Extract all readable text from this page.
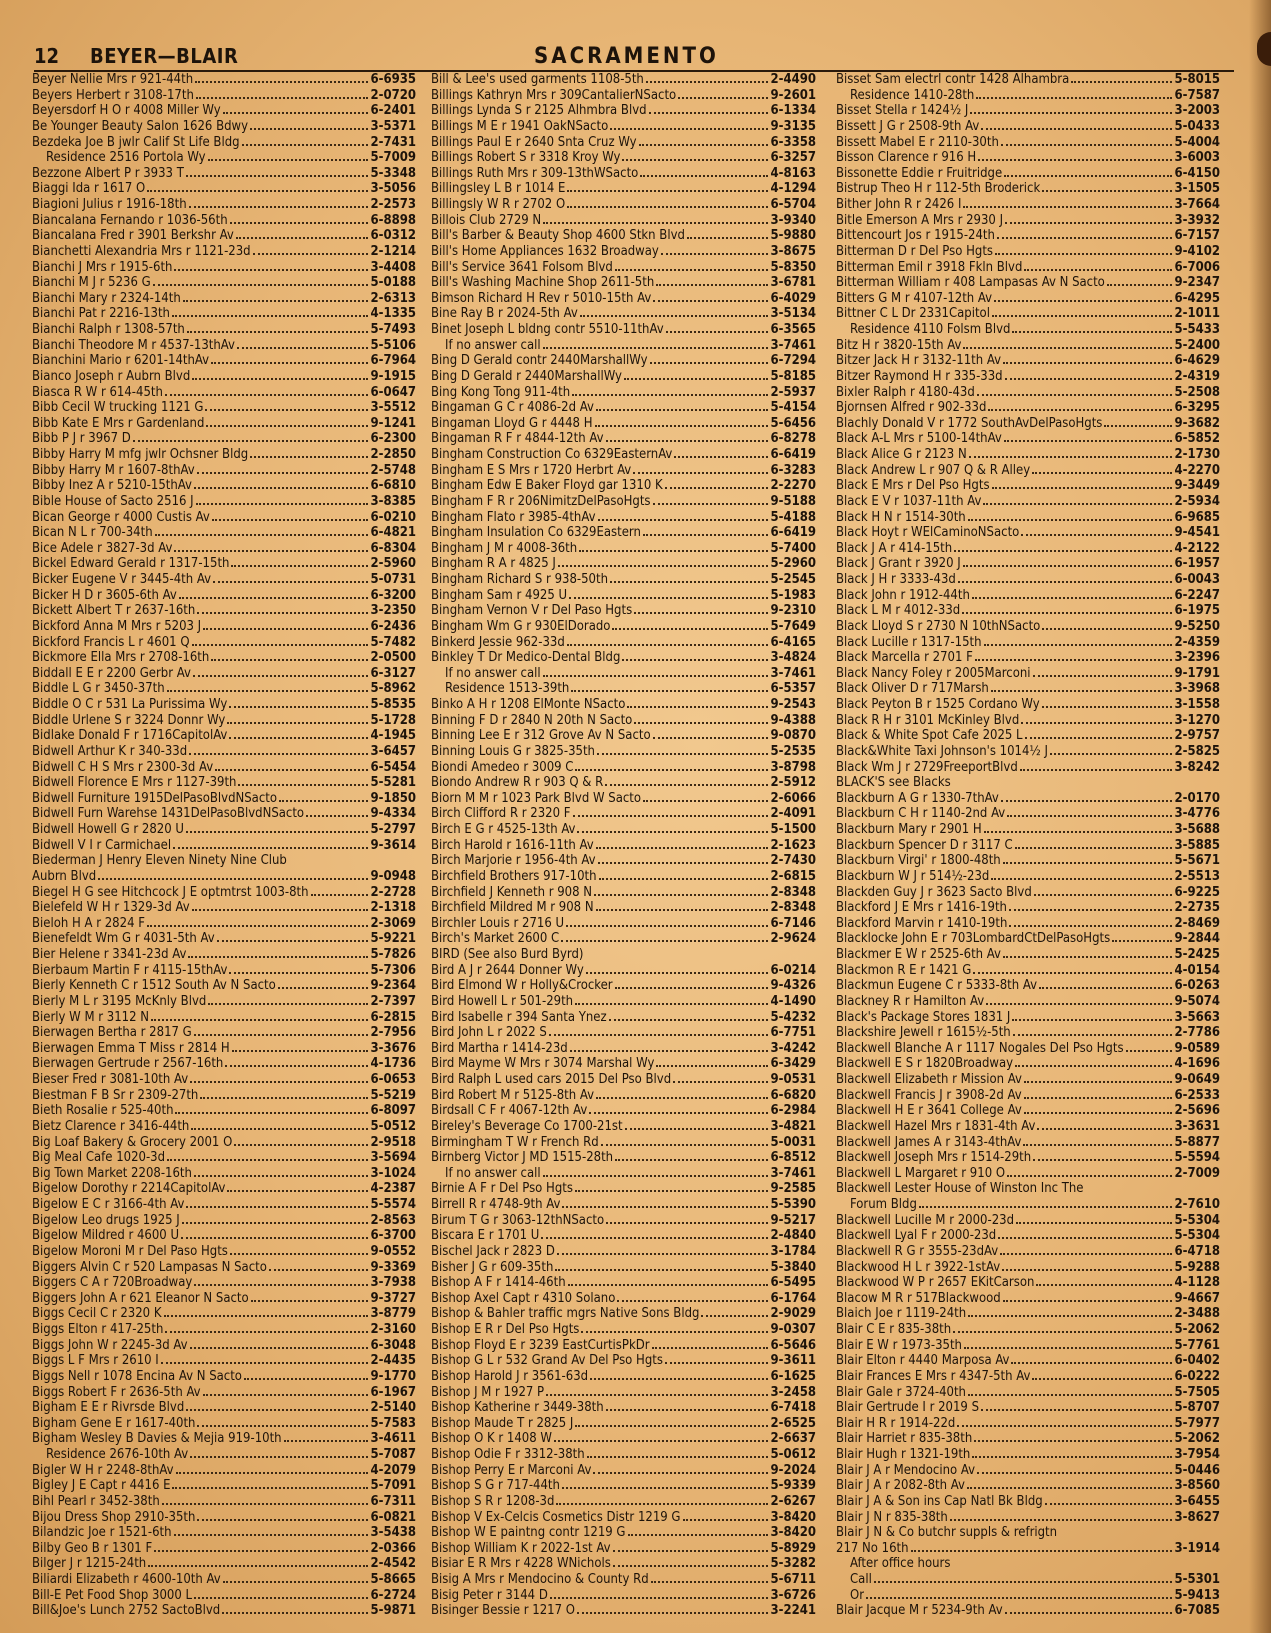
12 BEYER—BLAIR	SACRAMENTO
Beyer Nellie Mrs r 921-44th	6-6935
Beyers Herbert r 3108-17th	2-0720
Beyersdorf H O r 4008 Miller Wy	6-2401
Be Younger Beauty Salon 1626 Bdwy	3-5371
Bezdeka Joe B jwlr Calif St Life Bldg	2-7431
Residence 2516 Portola Wy	5-7009
Bezzone Albert P r 3933 T	5-3348
Biaggi Ida r 1617 O	3-5056
Biagioni Julius r 1916-18th	2-2573
Biancalana Fernando r 1036-56th	6-8898
Biancalana Fred r 3901 Berkshr Av	6-0312
Bianchetti Alexandria Mrs r 1121-23d	2-1214
Bianchi J Mrs r 1915-6th	3-4408
Bianchi M J r 5236 G	5-0188
Bianchi Mary r 2324-14th	2-6313
Bianchi Pat r 2216-13th	4-1335
Bianchi Ralph r 1308-57th	5-7493
Bianchi Theodore M r 4537-13thAv	5-5106
Bianchini Mario r 6201-14thAv	6-7964
Bianco Joseph r Aubrn Blvd	9-1915
Biasca R W r 614-45th	6-0647
Bibb Cecil W trucking 1121 G	3-5512
Bibb Kate E Mrs r Gardenland	9-1241
Bibb P J r 3967 D	6-2300
Bibby Harry M mfg jwlr Ochsner Bldg	2-2850
Bibby Harry M r 1607-8thAv	2-5748
Bibby Inez A r 5210-15thAv	6-6810
Bible House of Sacto 2516 J	3-8385
Bican George r 4000 Custis Av	6-0210
Bican N L r 700-34th	6-4821
Bice Adele r 3827-3d Av	6-8304
Bickel Edward Gerald r 1317-15th	2-5960
Bicker Eugene V r 3445-4th Av	5-0731
Bicker H D r 3605-6th Av	6-3200
Bickett Albert T r 2637-16th	3-2350
Bickford Anna M Mrs r 5203 J	6-2436
Bickford Francis L r 4601 Q	5-7482
Bickmore Ella Mrs r 2708-16th	2-0500
Biddall E E r 2200 Gerbr Av	6-3127
Biddle L G r 3450-37th	5-8962
Biddle O C r 531 La Purissima Wy	5-8535
Biddle Urlene S r 3224 Donnr Wy	5-1728
Bidlake Donald F r 1716CapitolAv	4-1945
Bidwell Arthur K r 340-33d	3-6457
Bidwell C H S Mrs r 2300-3d Av	6-5454
Bidwell Florence E Mrs r 1127-39th	5-5281
Bidwell Furniture 1915DelPasoBlvdNSacto	9-1850
Bidwell Furn Warehse 1431DelPasoBlvdNSacto	9-4334
Bidwell Howell G r 2820 U	5-2797
Bidwell V I r Carmichael	9-3614
Biederman J Henry Eleven Ninety Nine Club
Aubrn Blvd	9-0948
Biegel H G see Hitchcock J E optmtrst 1003-8th	2-2728
Bielefeld W H r 1329-3d Av	2-1318
Bieloh H A r 2824 F	2-3069
Bienefeldt Wm G r 4031-5th Av	5-9221
Bier Helene r 3341-23d Av	5-7826
Bierbaum Martin F r 4115-15thAv	5-7306
Bierly Kenneth C r 1512 South Av N Sacto	9-2364
Bierly M L r 3195 McKnly Blvd	2-7397
Bierly W M r 3112 N	6-2815
Bierwagen Bertha r 2817 G	2-7956
Bierwagen Emma T Miss r 2814 H	3-3676
Bierwagen Gertrude r 2567-16th	4-1736
Bieser Fred r 3081-10th Av	6-0653
Biestman F B Sr r 2309-27th	5-5219
Bieth Rosalie r 525-40th	6-8097
Bietz Clarence r 3416-44th	5-0512
Big Loaf Bakery & Grocery 2001 O	2-9518
Big Meal Cafe 1020-3d	3-5694
Big Town Market 2208-16th	3-1024
Bigelow Dorothy r 2214CapitolAv	4-2387
Bigelow E C r 3166-4th Av	5-5574
Bigelow Leo drugs 1925 J	2-8563
Bigelow Mildred r 4600 U	6-3700
Bigelow Moroni M r Del Paso Hgts	9-0552
Biggers Alvin C r 520 Lampasas N Sacto	9-3369
Biggers C A r 720Broadway	3-7938
Biggers John A r 621 Eleanor N Sacto	9-3727
Biggs Cecil C r 2320 K	3-8779
Biggs Elton r 417-25th	2-3160
Biggs John W r 2245-3d Av	6-3048
Biggs L F Mrs r 2610 I	2-4435
Biggs Nell r 1078 Encina Av N Sacto	9-1770
Biggs Robert F r 2636-5th Av	6-1967
Bigham E E r Rivrsde Blvd	2-5140
Bigham Gene E r 1617-40th	5-7583
Bigham Wesley B Davies & Mejia 919-10th	3-4611
Residence 2676-10th Av	5-7087
Bigler W H r 2248-8thAv	4-2079
Bigley J E Capt r 4416 E	5-7091
Bihl Pearl r 3452-38th	6-7311
Bijou Dress Shop 2910-35th	6-0821
Bilandzic Joe r 1521-6th	3-5438
Bilby Geo B r 1301 F	2-0366
Bilger J r 1215-24th	2-4542
Biliardi Elizabeth r 4600-10th Av	5-8665
Bill-E Pet Food Shop 3000 L	6-2724
Bill&Joe's Lunch 2752 SactoBlvd	5-9871
Bill & Lee's used garments 1108-5th	2-4490
Billings Kathryn Mrs r 309CantalierNSacto	9-2601
Billings Lynda S r 2125 Alhmbra Blvd	6-1334
Billings M E r 1941 OakNSacto	9-3135
Billings Paul E r 2640 Snta Cruz Wy	6-3358
Billings Robert S r 3318 Kroy Wy	6-3257
Billings Ruth Mrs r 309-13thWSacto	4-8163
Billingsley L B r 1014 E	4-1294
Billingsly W R r 2702 O	6-5704
Billois Club 2729 N	3-9340
Bill's Barber & Beauty Shop 4600 Stkn Blvd	5-9880
Bill's Home Appliances 1632 Broadway	3-8675
Bill's Service 3641 Folsom Blvd	5-8350
Bill's Washing Machine Shop 2611-5th	3-6781
Bimson Richard H Rev r 5010-15th Av	6-4029
Bine Ray B r 2024-5th Av	3-5134
Binet Joseph L bldng contr 5510-11thAv	6-3565
If no answer call	3-7461
Bing D Gerald contr 2440MarshallWy	6-7294
Bing D Gerald r 2440MarshallWy	5-8185
Bing Kong Tong 911-4th	2-5937
Bingaman G C r 4086-2d Av	5-4154
Bingaman Lloyd G r 4448 H	5-6456
Bingaman R F r 4844-12th Av	6-8278
Bingham Construction Co 6329EasternAv	6-6419
Bingham E S Mrs r 1720 Herbrt Av	6-3283
Bingham Edw E Baker Floyd gar 1310 K	2-2270
Bingham F R r 206NimitzDelPasoHgts	9-5188
Bingham Flato r 3985-4thAv	5-4188
Bingham Insulation Co 6329Eastern	6-6419
Bingham J M r 4008-36th	5-7400
Bingham R A r 4825 J	5-2960
Bingham Richard S r 938-50th	5-2545
Bingham Sam r 4925 U	5-1983
Bingham Vernon V r Del Paso Hgts	9-2310
Bingham Wm G r 930ElDorado	5-7649
Binkerd Jessie 962-33d	6-4165
Binkley T Dr Medico-Dental Bldg	3-4824
If no answer call	3-7461
Residence 1513-39th	6-5357
Binko A H r 1208 ElMonte NSacto	9-2543
Binning F D r 2840 N 20th N Sacto	9-4388
Binning Lee E r 312 Grove Av N Sacto	9-0870
Binning Louis G r 3825-35th	5-2535
Biondi Amedeo r 3009 C	3-8798
Biondo Andrew R r 903 Q & R	2-5912
Biorn M M r 1023 Park Blvd W Sacto	2-6066
Birch Clifford R r 2320 F	2-4091
Birch E G r 4525-13th Av	5-1500
Birch Harold r 1616-11th Av	2-1623
Birch Marjorie r 1956-4th Av	2-7430
Birchfield Brothers 917-10th	2-6815
Birchfield J Kenneth r 908 N	2-8348
Birchfield Mildred M r 908 N	2-8348
Birchler Louis r 2716 U	6-7146
Birch's Market 2600 C	2-9624
BIRD (See also Burd Byrd)
Bird A J r 2644 Donner Wy	6-0214
Bird Elmond W r Holly&Crocker	9-4326
Bird Howell L r 501-29th	4-1490
Bird Isabelle r 394 Santa Ynez	5-4232
Bird John L r 2022 S	6-7751
Bird Martha r 1414-23d	3-4242
Bird Mayme W Mrs r 3074 Marshal Wy	6-3429
Bird Ralph L used cars 2015 Del Pso Blvd	9-0531
Bird Robert M r 5125-8th Av	6-6820
Birdsall C F r 4067-12th Av	6-2984
Bireley's Beverage Co 1700-21st	3-4821
Birmingham T W r French Rd	5-0031
Birnberg Victor J MD 1515-28th	6-8512
If no answer call	3-7461
Birnie A F r Del Pso Hgts	9-2585
Birrell R r 4748-9th Av	5-5390
Birum T G r 3063-12thNSacto	9-5217
Biscara E r 1701 U	2-4840
Bischel Jack r 2823 D	3-1784
Bisher J G r 609-35th	5-3840
Bishop A F r 1414-46th	6-5495
Bishop Axel Capt r 4310 Solano	6-1764
Bishop & Bahler traffic mgrs Native Sons Bldg	2-9029
Bishop E R r Del Pso Hgts	9-0307
Bishop Floyd E r 3239 EastCurtisPkDr	6-5646
Bishop G L r 532 Grand Av Del Pso Hgts	9-3611
Bishop Harold J r 3561-63d	6-1625
Bishop J M r 1927 P	3-2458
Bishop Katherine r 3449-38th	6-7418
Bishop Maude T r 2825 J	2-6525
Bishop O K r 1408 W	2-6637
Bishop Odie F r 3312-38th	5-0612
Bishop Perry E r Marconi Av	9-2024
Bishop S G r 717-44th	5-9339
Bishop S R r 1208-3d	2-6267
Bishop V Ex-Celcis Cosmetics Distr 1219 G	3-8420
Bishop W E paintng contr 1219 G	3-8420
Bishop William K r 2022-1st Av	5-8929
Bisiar E R Mrs r 4228 WNichols	5-3282
Bisig A Mrs r Mendocino & County Rd	5-6711
Bisig Peter r 3144 D	3-6726
Bisinger Bessie r 1217 O	3-2241
Bisset Sam electrl contr 1428 Alhambra	5-8015
Residence 1410-28th	6-7587
Bisset Stella r 1424½ J	3-2003
Bissett J G r 2508-9th Av	5-0433
Bissett Mabel E r 2110-30th	5-4004
Bisson Clarence r 916 H	3-6003
Bissonette Eddie r Fruitridge	6-4150
Bistrup Theo H r 112-5th Broderick	3-1505
Bither John R r 2426 I	3-7664
Bitle Emerson A Mrs r 2930 J	3-3932
Bittencourt Jos r 1915-24th	6-7157
Bitterman D r Del Pso Hgts	9-4102
Bitterman Emil r 3918 Fkln Blvd	6-7006
Bitterman William r 408 Lampasas Av N Sacto	9-2347
Bitters G M r 4107-12th Av	6-4295
Bittner C L Dr 2331Capitol	2-1011
Residence 4110 Folsm Blvd	5-5433
Bitz H r 3820-15th Av	5-2400
Bitzer Jack H r 3132-11th Av	6-4629
Bitzer Raymond H r 335-33d	2-4319
Bixler Ralph r 4180-43d	5-2508
Bjornsen Alfred r 902-33d	6-3295
Blachly Donald V r 1772 SouthAvDelPasoHgts	9-3682
Black A-L Mrs r 5100-14thAv	6-5852
Black Alice G r 2123 N	2-1730
Black Andrew L r 907 Q & R Alley	4-2270
Black E Mrs r Del Pso Hgts	9-3449
Black E V r 1037-11th Av	2-5934
Black H N r 1514-30th	6-9685
Black Hoyt r WElCaminoNSacto	9-4541
Black J A r 414-15th	4-2122
Black J Grant r 3920 J	6-1957
Black J H r 3333-43d	6-0043
Black John r 1912-44th	6-2247
Black L M r 4012-33d	6-1975
Black Lloyd S r 2730 N 10thNSacto	9-5250
Black Lucille r 1317-15th	2-4359
Black Marcella r 2701 F	3-2396
Black Nancy Foley r 2005Marconi	9-1791
Black Oliver D r 717Marsh	3-3968
Black Peyton B r 1525 Cordano Wy	3-1558
Black R H r 3101 McKinley Blvd	3-1270
Black & White Spot Cafe 2025 L	2-9757
Black&White Taxi Johnson's 1014½ J	2-5825
Black Wm J r 2729FreeportBlvd	3-8242
BLACK'S see Blacks
Blackburn A G r 1330-7thAv	2-0170
Blackburn C H r 1140-2nd Av	3-4776
Blackburn Mary r 2901 H	3-5688
Blackburn Spencer D r 3117 C	3-5885
Blackburn Virgi' r 1800-48th	5-5671
Blackburn W J r 514½-23d	2-5513
Blackden Guy J r 3623 Sacto Blvd	6-9225
Blackford J E Mrs r 1416-19th	2-2735
Blackford Marvin r 1410-19th	2-8469
Blacklocke John E r 703LombardCtDelPasoHgts	9-2844
Blackmer E W r 2525-6th Av	5-2425
Blackmon R E r 1421 G	4-0154
Blackmun Eugene C r 5333-8th Av	6-0263
Blackney R r Hamilton Av	9-5074
Black's Package Stores 1831 J	3-5663
Blackshire Jewell r 1615½-5th	2-7786
Blackwell Blanche A r 1117 Nogales Del Pso Hgts	9-0589
Blackwell E S r 1820Broadway	4-1696
Blackwell Elizabeth r Mission Av	9-0649
Blackwell Francis J r 3908-2d Av	6-2533
Blackwell H E r 3641 College Av	2-5696
Blackwell Hazel Mrs r 1831-4th Av	3-3631
Blackwell James A r 3143-4thAv	5-8877
Blackwell Joseph Mrs r 1514-29th	5-5594
Blackwell L Margaret r 910 O	2-7009
Blackwell Lester House of Winston Inc The
Forum Bldg	2-7610
Blackwell Lucille M r 2000-23d	5-5304
Blackwell Lyal F r 2000-23d	5-5304
Blackwell R G r 3555-23dAv	6-4718
Blackwood H L r 3922-1stAv	5-9288
Blackwood W P r 2657 EKitCarson	4-1128
Blacow M R r 517Blackwood	9-4667
Blaich Joe r 1119-24th	2-3488
Blair C E r 835-38th	5-2062
Blair E W r 1973-35th	5-7761
Blair Elton r 4440 Marposa Av	6-0402
Blair Frances E Mrs r 4347-5th Av	6-0222
Blair Gale r 3724-40th	5-7505
Blair Gertrude I r 2019 S	5-8707
Blair H R r 1914-22d	5-7977
Blair Harriet r 835-38th	5-2062
Blair Hugh r 1321-19th	3-7954
Blair J A r Mendocino Av	5-0446
Blair J A r 2082-8th Av	3-8560
Blair J A & Son ins Cap Natl Bk Bldg	3-6455
Blair J N r 835-38th	3-8627
Blair J N & Co butchr suppls & refrigtn
217 No 16th	3-1914
After office hours
Call	5-5301
Or	5-9413
Blair Jacque M r 5234-9th Av	6-7085
